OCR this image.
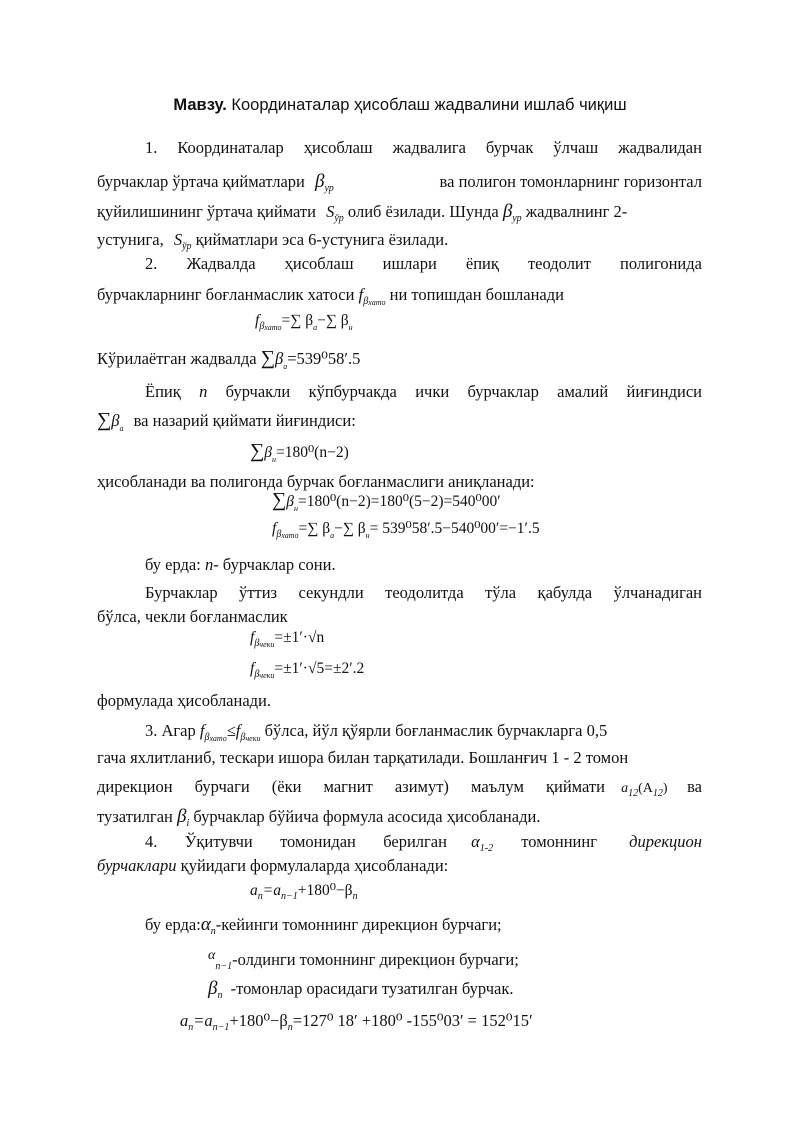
Мавзу. Координаталар ҳисоблаш жадвалини ишлаб чиқиш
1. Координаталар ҳисоблаш жадвалига бурчак ўлчаш жадвалидан
бурчаклар ўртача қийматлари $\beta_{ур}$	ва полигон томонларнинг горизонтал
қуйилишининг ўртача қиймати $S_{ўр}$ олиб ёзилади. Шунда $\beta_{ур}$ жадвалнинг 2-
устунига, $S_{ўр}$ қийматлари эса 6-устунига ёзилади.
2. Жадвалда ҳисоблаш ишлари ёпиқ теодолит полигонида
бурчакларнинг боғланмаслик хатоси $f_{\beta хато}$ ни топишдан бошланади
$f_{\beta хато}=\sum$ $\beta_а-\sum$ $\beta_н$
Кўрилаётган жадвалда $\sum\beta_а=539^058'.5$
Ёпиқ n бурчакли кўпбурчакда ички бурчаклар амалий йиғиндиси
$\sum\beta_а$ ва назарий қиймати йиғиндиси:
$\sum\beta_н=180^0(n-2)$
ҳисобланади ва полигонда бурчак боғланмаслиги аниқланади:
$\sum\beta_н=180^0(n-2)=180^0(5-2)=540^000'$
$f_{\beta хато}=\sum$ $\beta_а-\sum$ $\beta_н= 539^058'.5-540^000'=-1'.5$
бу ерда: n- бурчаклар сони.
Бурчаклар ўттиз секундли теодолитда тўла қабулда ўлчанадиган
бўлса, чекли боғланмаслик
$f_{\beta чеки}=\pm 1'\cdot√n$
$f_{\beta чеки}=\pm 1'\cdot√5=\pm 2'.2$
формулада ҳисобланади.
3. Агар $f_{\beta хато}\le f_{\beta чеки}$ бўлса, йўл қўярли боғланмаслик бурчакларга 0,5
гача яхлитланиб, тескари ишора билан тарқатилади. Бошланғич 1 - 2 томон
дирекцион бурчаги (ёки магнит азимут) маълум қиймати $а_{12}(А_{12})$ ва
тузатилган $\beta_i$ бурчаклар бўйича формула асосида ҳисобланади.
4. Ўқитувчи томонидан берилган $\alpha_{1-2}$ томоннинг дирекцион
бурчаклари қуйидаги формулаларда ҳисобланади:
$a_n=a_{n-1}+180^0-\beta_n$
бу $ерда:\alpha_n$-кейинги томоннинг дирекцион бурчаги;
$^\alpha_{n-1}$-олдинги томоннинг дирекцион бурчаги;
$\beta_n$ -томонлар орасидаги тузатилган бурчак.
$a_n=a_{n-1}+180^0-\beta_n=127^0$ 18′ +180⁰ -155⁰03′ = 152⁰15′
